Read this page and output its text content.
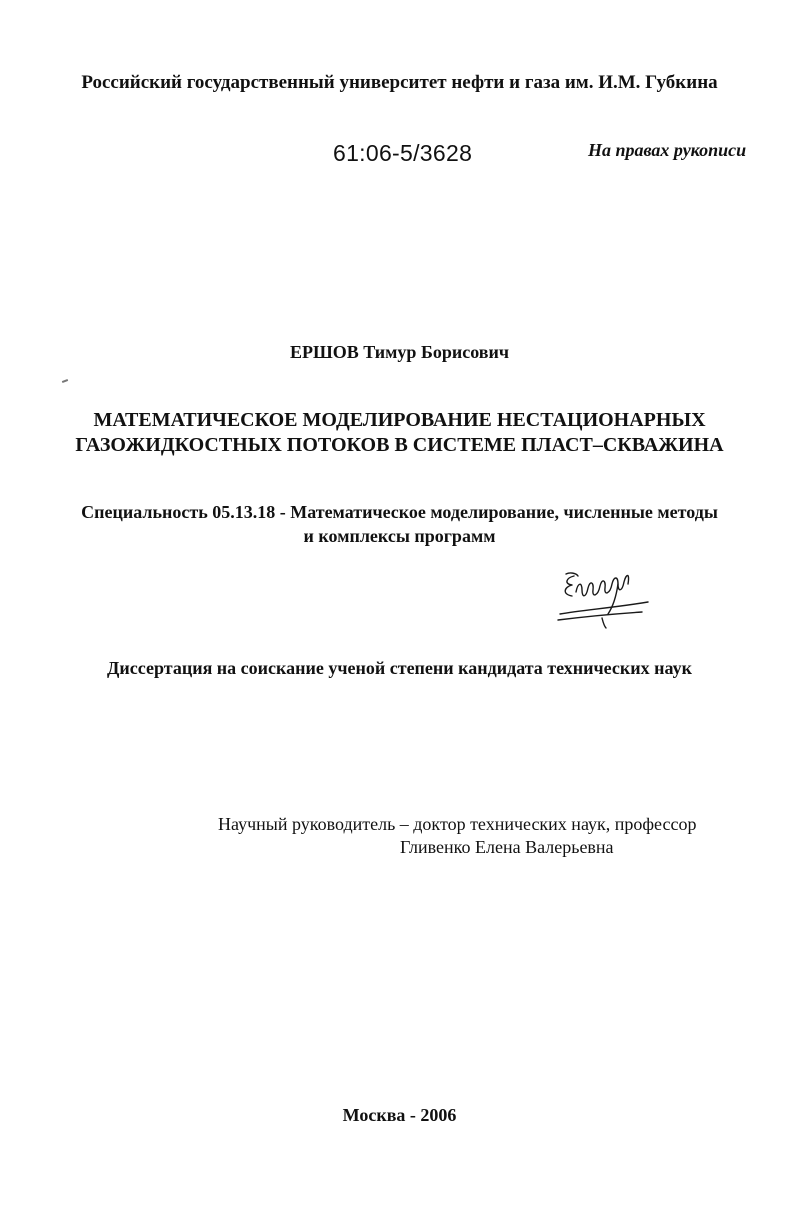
Российский государственный университет нефти и газа им. И.М. Губкина
61:06-5/3628	На правах рукописи
ЕРШОВ Тимур Борисович
МАТЕМАТИЧЕСКОЕ МОДЕЛИРОВАНИЕ НЕСТАЦИОНАРНЫХ
ГАЗОЖИДКОСТНЫХ ПОТОКОВ В СИСТЕМЕ ПЛАСТ–СКВАЖИНА
Специальность 05.13.18 - Математическое моделирование, численные методы
и комплексы программ
Диссертация на соискание ученой степени кандидата технических наук
Научный руководитель – доктор технических наук, профессор
Гливенко Елена Валерьевна
Москва - 2006
